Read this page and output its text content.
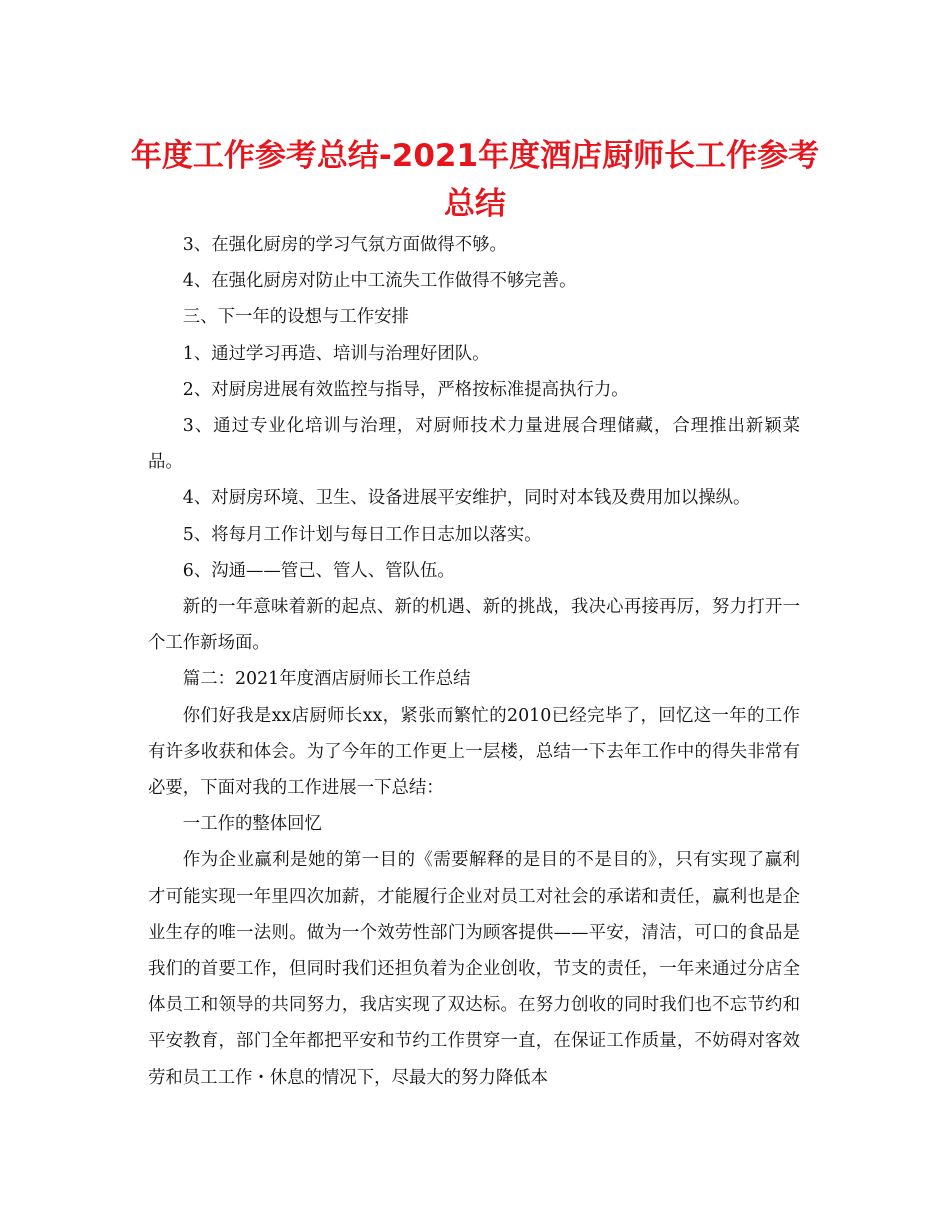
年度工作参考总结-2021年度酒店厨师长工作参考总结

3、在强化厨房的学习气氛方面做得不够。

4、在强化厨房对防止中工流失工作做得不够完善。

三、下一年的设想与工作安排

1、通过学习再造、培训与治理好团队。

2、对厨房进展有效监控与指导，严格按标准提高执行力。

3、通过专业化培训与治理，对厨师技术力量进展合理储藏，合理推出新颖菜品。

4、对厨房环境、卫生、设备进展平安维护，同时对本钱及费用加以操纵。

5、将每月工作计划与每日工作日志加以落实。

6、沟通——管己、管人、管队伍。

新的一年意味着新的起点、新的机遇、新的挑战，我决心再接再厉，努力打开一个工作新场面。

篇二：2021年度酒店厨师长工作总结

你们好我是xx店厨师长xx，紧张而繁忙的2010已经完毕了，回忆这一年的工作有许多收获和体会。为了今年的工作更上一层楼，总结一下去年工作中的得失非常有必要，下面对我的工作进展一下总结：

一工作的整体回忆

作为企业赢利是她的第一目的《需要解释的是目的不是目的》，只有实现了赢利才可能实现一年里四次加薪，才能履行企业对员工对社会的承诺和责任，赢利也是企业生存的唯一法则。做为一个效劳性部门为顾客提供——平安，清洁，可口的食品是我们的首要工作，但同时我们还担负着为企业创收，节支的责任，一年来通过分店全体员工和领导的共同努力，我店实现了双达标。在努力创收的同时我们也不忘节约和平安教育，部门全年都把平安和节约工作贯穿一直，在保证工作质量，不妨碍对客效劳和员工工作・休息的情况下，尽最大的努力降低本
